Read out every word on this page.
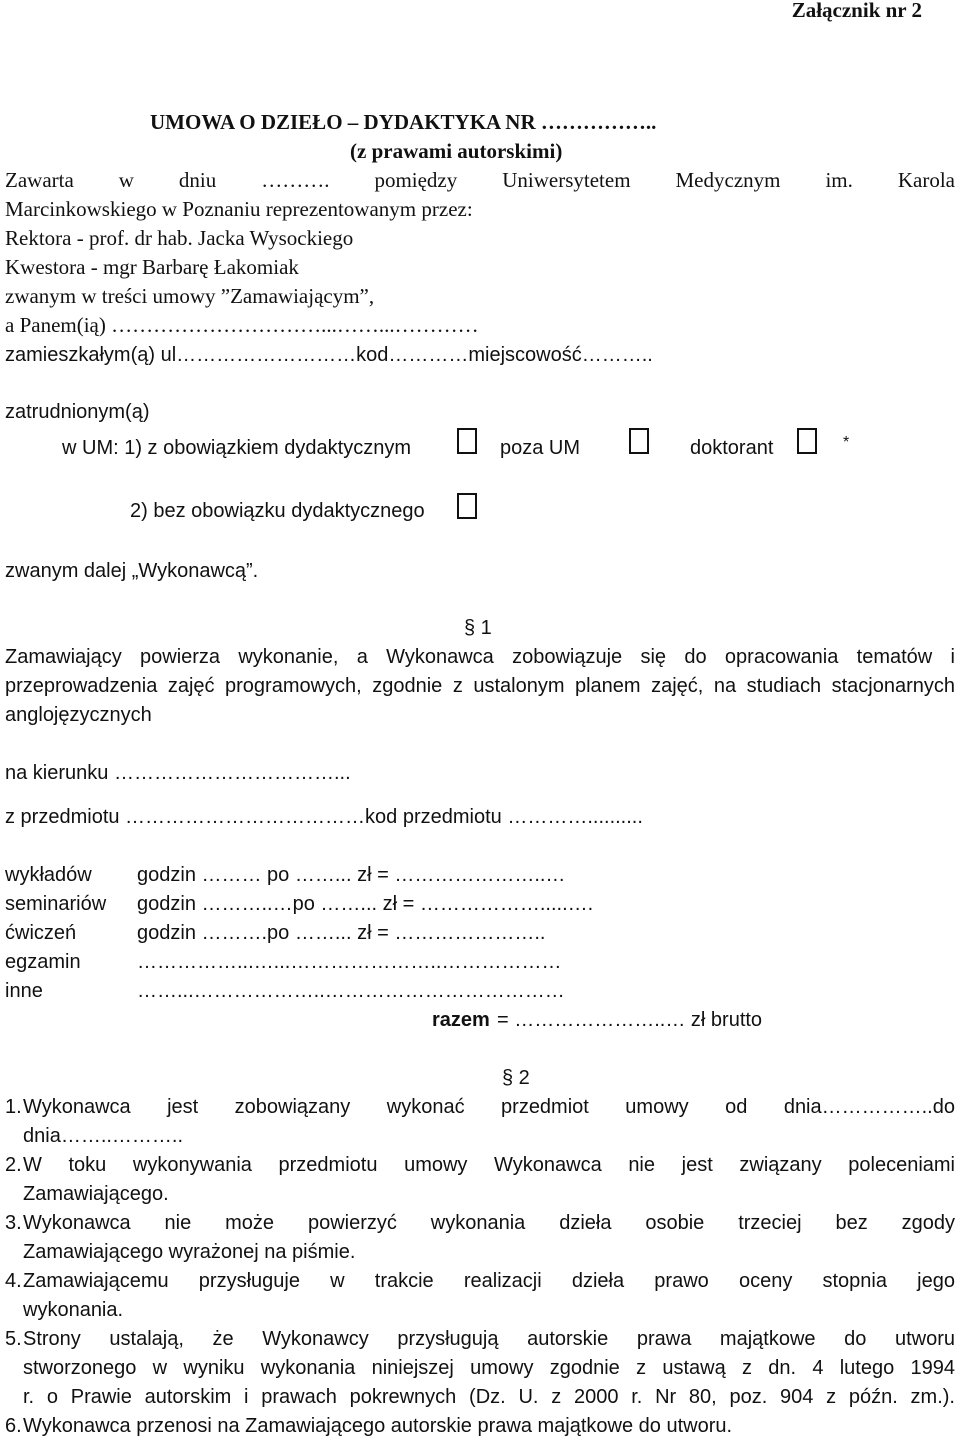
Załącznik nr 2
UMOWA O DZIEŁO – DYDAKTYKA NR ……………..
(z prawami autorskimi)
Zawarta w dniu ………. pomiędzy Uniwersytetem Medycznym im. Karola
Marcinkowskiego w Poznaniu reprezentowanym przez:
Rektora - prof. dr hab. Jacka Wysockiego
Kwestora - mgr Barbarę Łakomiak
zwanym w treści umowy ”Zamawiającym”,
a Panem(ią) …………………………...……...…………
zamieszkałym(ą) ul………………………kod…………miejscowość………..
zatrudnionym(ą)
w UM: 1) z obowiązkiem dydaktycznym	poza UM	doktorant	*
2) bez obowiązku dydaktycznego
zwanym dalej „Wykonawcą”.
§ 1
Zamawiający powierza wykonanie, a Wykonawca zobowiązuje się do opracowania tematów i przeprowadzenia zajęć programowych, zgodnie z ustalonym planem zajęć, na studiach stacjonarnych anglojęzycznych
na kierunku ……………………………...
z przedmiotu ………………………………kod przedmiotu …………..........
wykładów godzin ……… po ……... zł = …………………..…
seminariów godzin ………..…po ……... zł = ……………….....….
ćwiczeń	godzin ……….po ……... zł = …………………..
egzamin	……………...…...…………………..………………
inne	……...………………..………………………………
razem = …………………..… zł brutto
§ 2
1. Wykonawca jest zobowiązany wykonać przedmiot umowy od dnia……………..do
dnia……..………..
2. W toku wykonywania przedmiotu umowy Wykonawca nie jest związany poleceniami
Zamawiającego.
3. Wykonawca nie może powierzyć wykonania dzieła osobie trzeciej bez zgody
Zamawiającego wyrażonej na piśmie.
4. Zamawiającemu przysługuje w trakcie realizacji dzieła prawo oceny stopnia jego
wykonania.
5. Strony ustalają, że Wykonawcy przysługują autorskie prawa majątkowe do utworu
stworzonego w wyniku wykonania niniejszej umowy zgodnie z ustawą z dn. 4 lutego 1994
r. o Prawie autorskim i prawach pokrewnych (Dz. U. z 2000 r. Nr 80, poz. 904 z późn. zm.).
6. Wykonawca przenosi na Zamawiającego autorskie prawa majątkowe do utworu.
